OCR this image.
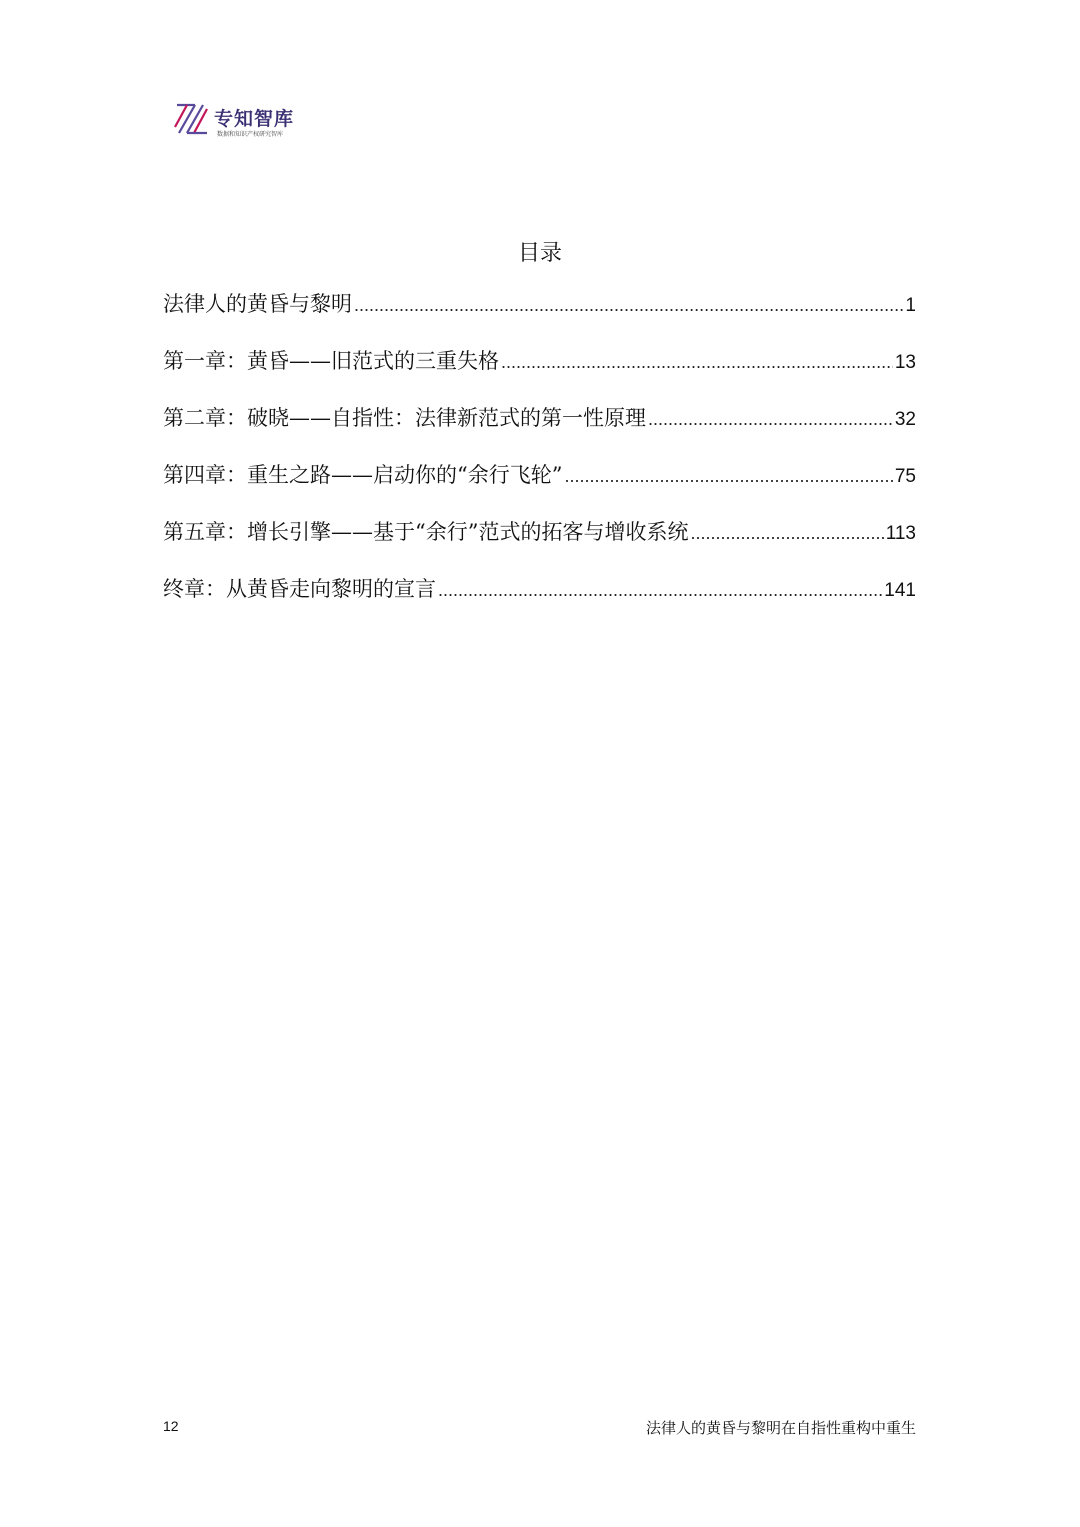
专知智库
数据和知识产权研究智库
目录
法律人的黄昏与黎明 .....	1
第一章：黄昏——旧范式的三重失格 .....	13
第二章：破晓——自指性：法律新范式的第一性原理 .....	32
第四章：重生之路——启动你的“余行飞轮” .....	75
第五章：增长引擎——基于“余行”范式的拓客与增收系统 .....	113
终章：从黄昏走向黎明的宣言 .....	141
12	法律人的黄昏与黎明在自指性重构中重生
